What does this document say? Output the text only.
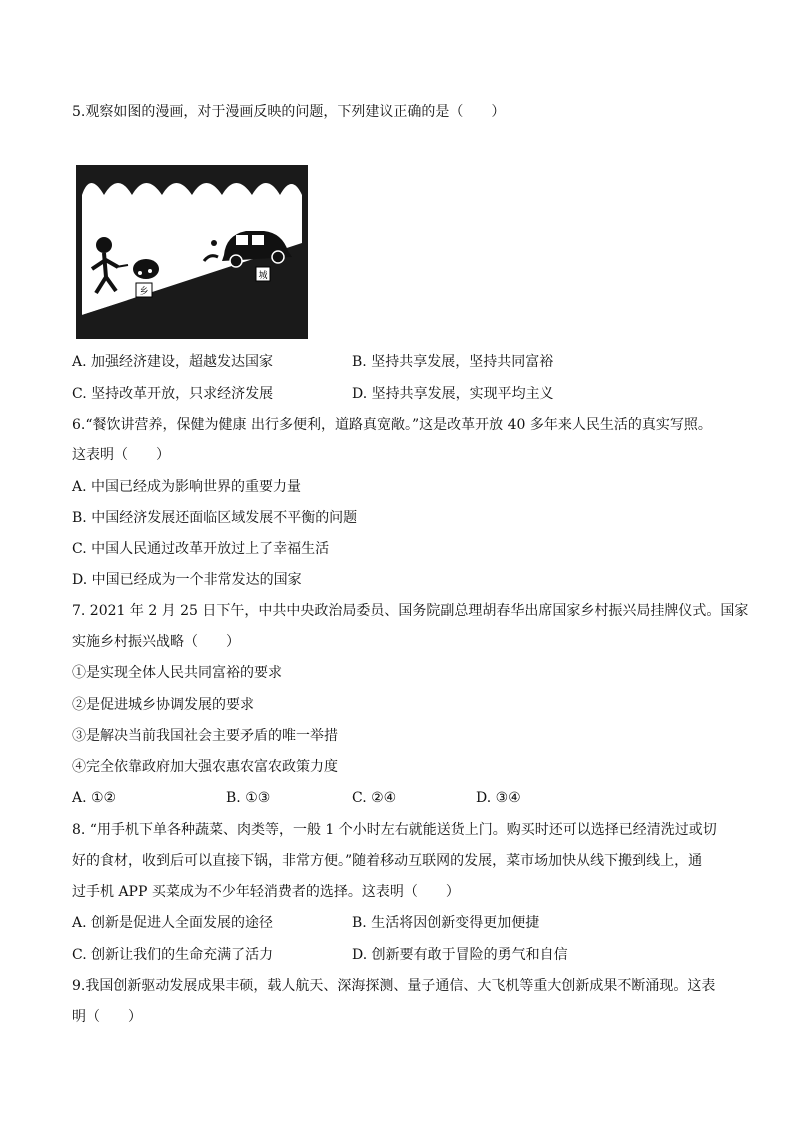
5.观察如图的漫画，对于漫画反映的问题，下列建议正确的是（　　）
城
乡
A. 加强经济建设，超越发达国家	B. 坚持共享发展，坚持共同富裕
C. 坚持改革开放，只求经济发展	D. 坚持共享发展，实现平均主义
6.“餐饮讲营养，保健为健康 出行多便利，道路真宽敞。”这是改革开放 40 多年来人民生活的真实写照。
这表明（　　）
A. 中国已经成为影响世界的重要力量
B. 中国经济发展还面临区域发展不平衡的问题
C. 中国人民通过改革开放过上了幸福生活
D. 中国已经成为一个非常发达的国家
7. 2021 年 2 月 25 日下午，中共中央政治局委员、国务院副总理胡春华出席国家乡村振兴局挂牌仪式。国家
实施乡村振兴战略（　　）
①是实现全体人民共同富裕的要求
②是促进城乡协调发展的要求
③是解决当前我国社会主要矛盾的唯一举措
④完全依靠政府加大强农惠农富农政策力度
A. ①②	B. ①③	C. ②④	D. ③④
8. “用手机下单各种蔬菜、肉类等，一般 1 个小时左右就能送货上门。购买时还可以选择已经清洗过或切
好的食材，收到后可以直接下锅，非常方便。”随着移动互联网的发展，菜市场加快从线下搬到线上，通
过手机 APP 买菜成为不少年轻消费者的选择。这表明（　　）
A. 创新是促进人全面发展的途径	B. 生活将因创新变得更加便捷
C. 创新让我们的生命充满了活力	D. 创新要有敢于冒险的勇气和自信
9.我国创新驱动发展成果丰硕，载人航天、深海探测、量子通信、大飞机等重大创新成果不断涌现。这表
明（　　）
